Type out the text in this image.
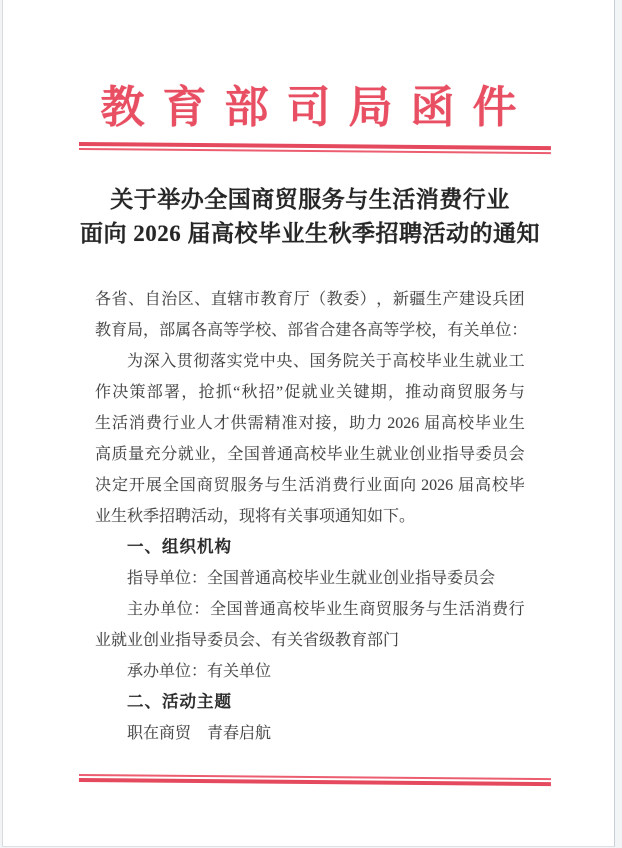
教育部司局函件
关于举办全国商贸服务与生活消费行业
面向 2026 届高校毕业生秋季招聘活动的通知
各 省 、 自 治 区 、 直 辖 市 教 育 厅 （ 教 委 ） ， 新 疆 生 产 建 设 兵 团
教 育 局 ， 部 属 各 高 等 学 校 、 部 省 合 建 各 高 等 学 校 ， 有 关 单 位 ：
为 深 入 贯 彻 落 实 党 中 央 、 国 务 院 关 于 高 校 毕 业 生 就 业 工
作 决 策 部 署 ， 抢 抓 “ 秋 招 ” 促 就 业 关 键 期 ， 推 动 商 贸 服 务 与
生 活 消 费 行 业 人 才 供 需 精 准 对 接 ， 助 力 2026 届 高 校 毕 业 生
高 质 量 充 分 就 业 ， 全 国 普 通 高 校 毕 业 生 就 业 创 业 指 导 委 员 会
决 定 开 展 全 国 商 贸 服 务 与 生 活 消 费 行 业 面 向 2026 届 高 校 毕
业生秋季招聘活动，现将有关事项通知如下。
一、组织机构
指导单位：全国普通高校毕业生就业创业指导委员会
主 办 单 位 ： 全 国 普 通 高 校 毕 业 生 商 贸 服 务 与 生 活 消 费 行
业就业创业指导委员会、有关省级教育部门
承办单位：有关单位
二、活动主题
职在商贸　青春启航
